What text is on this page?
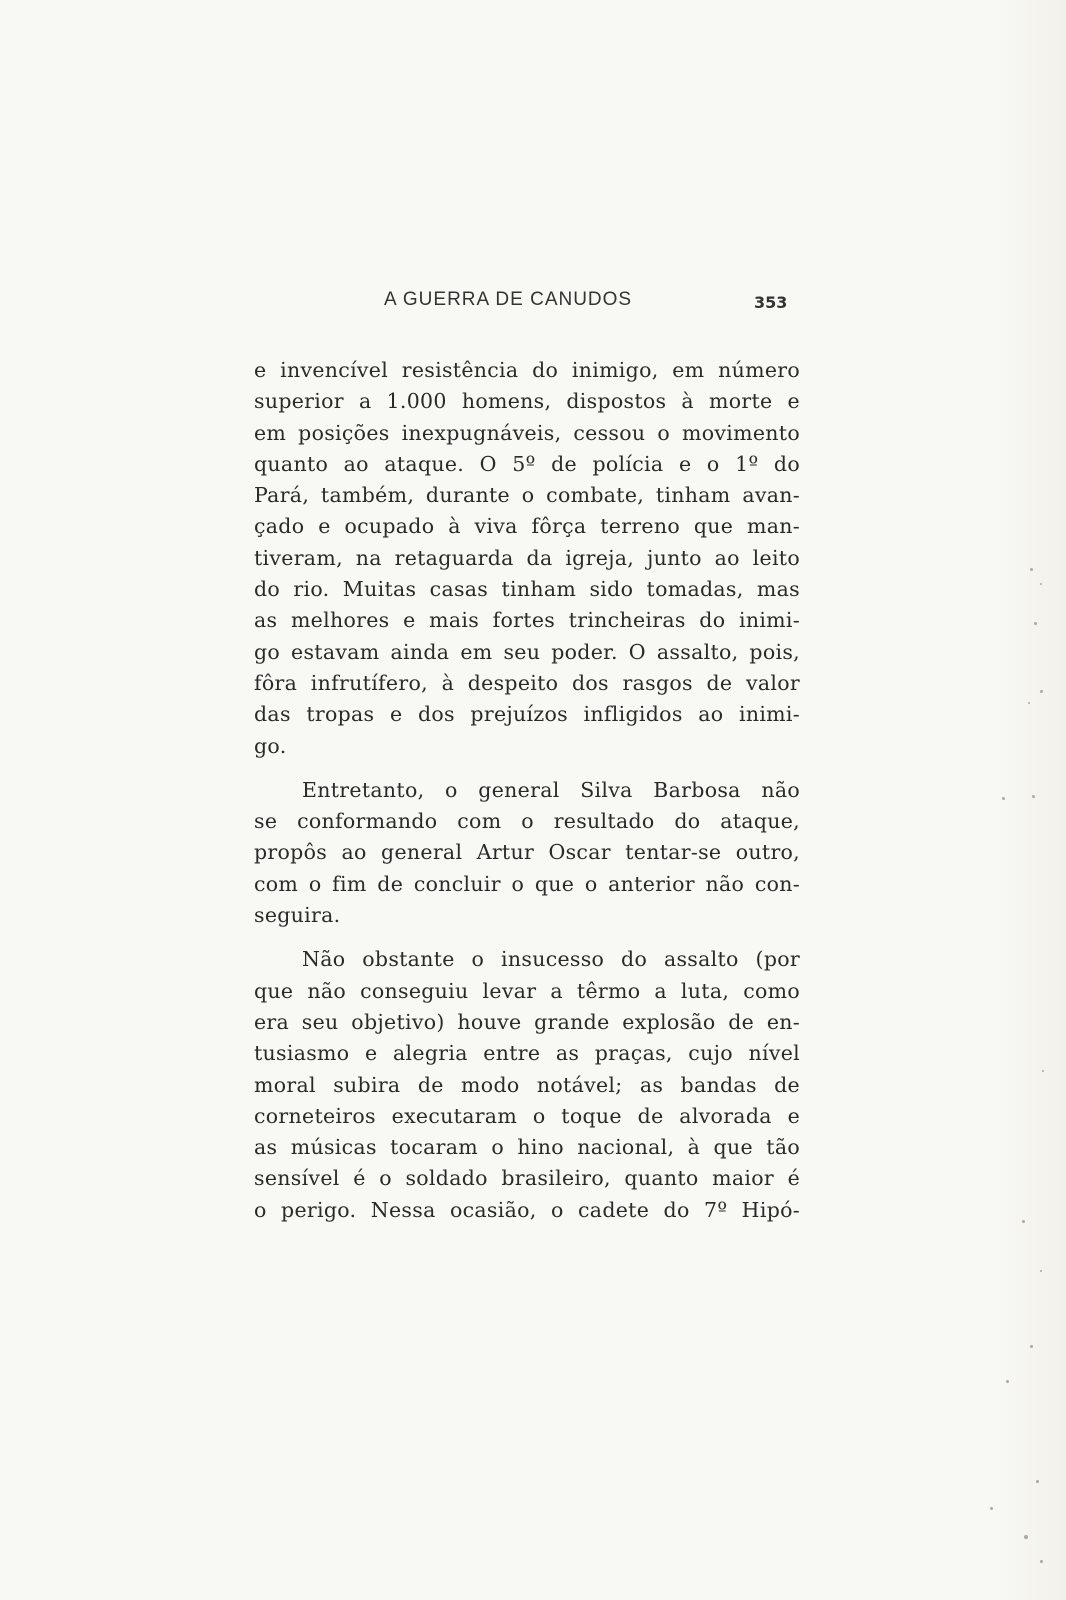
A GUERRA DE CANUDOS	353
e invencível resistência do inimigo, em número
superior a 1.000 homens, dispostos à morte e
em posições inexpugnáveis, cessou o movimento
quanto ao ataque. O 5º de polícia e o 1º do
Pará, também, durante o combate, tinham avan-
çado e ocupado à viva fôrça terreno que man-
tiveram, na retaguarda da igreja, junto ao leito
do rio. Muitas casas tinham sido tomadas, mas
as melhores e mais fortes trincheiras do inimi-
go estavam ainda em seu poder. O assalto, pois,
fôra infrutífero, à despeito dos rasgos de valor
das tropas e dos prejuízos infligidos ao inimi-
go.
Entretanto, o general Silva Barbosa não
se conformando com o resultado do ataque,
propôs ao general Artur Oscar tentar-se outro,
com o fim de concluir o que o anterior não con-
seguira.
Não obstante o insucesso do assalto (por
que não conseguiu levar a têrmo a luta, como
era seu objetivo) houve grande explosão de en-
tusiasmo e alegria entre as praças, cujo nível
moral subira de modo notável; as bandas de
corneteiros executaram o toque de alvorada e
as músicas tocaram o hino nacional, à que tão
sensível é o soldado brasileiro, quanto maior é
o perigo. Nessa ocasião, o cadete do 7º Hipó-
